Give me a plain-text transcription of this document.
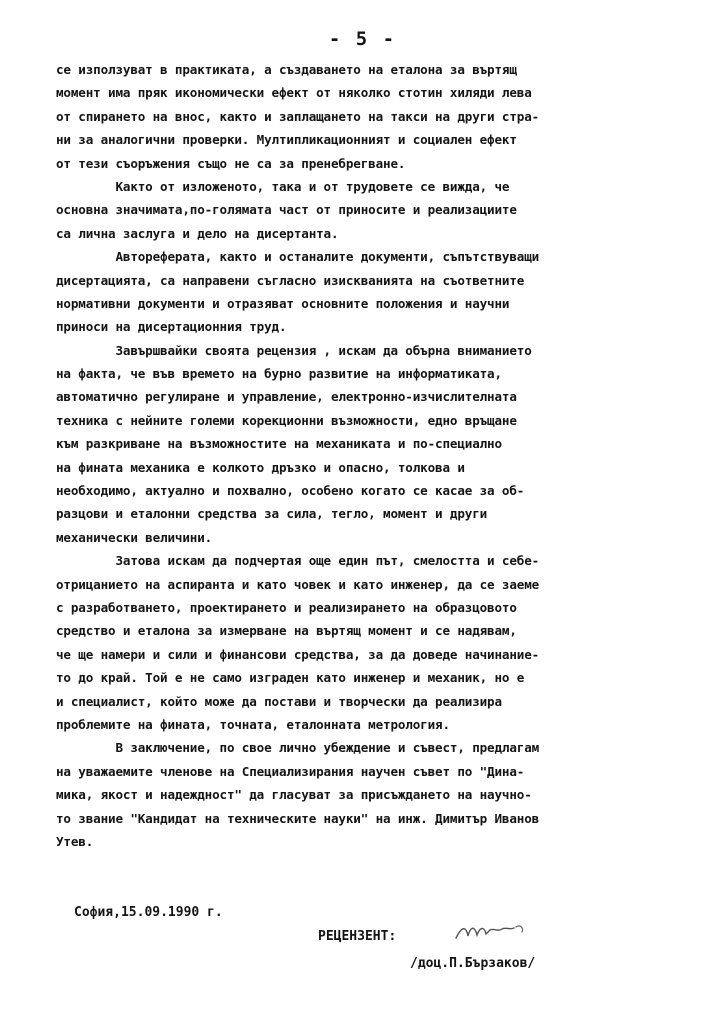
- 5 -
се използуват в практиката, а създаването на еталона за въртящ
момент има пряк икономически ефект от няколко стотин хиляди лева
от спирането на внос, както и заплащането на такси на други стра-
ни за аналогични проверки. Мултипликационният и социален ефект
от тези съоръжения също не са за пренебрегване.
Както от изложеното, така и от трудовете се вижда, че
основна значимата,по-голямата част от приносите и реализациите
са лична заслуга и дело на дисертанта.
Автореферата, както и останалите документи, съпътствуващи
дисертацията, са направени съгласно изискванията на съответните
нормативни документи и отразяват основните положения и научни
приноси на дисертационния труд.
Завършвайки своята рецензия , искам да обърна вниманието
на факта, че във времето на бурно развитие на информатиката,
автоматично регулиране и управление, електронно-изчислителната
техника с нейните големи корекционни възможности, едно връщане
към разкриване на възможностите на механиката и по-специално
на фината механика е колкото дръзко и опасно, толкова и
необходимо, актуално и похвално, особено когато се касае за об-
разцови и еталонни средства за сила, тегло, момент и други
механически величини.
Затова искам да подчертая още един път, смелостта и себе-
отрицанието на аспиранта и като човек и като инженер, да се заеме
с разработването, проектирането и реализирането на образцовото
средство и еталона за измерване на въртящ момент и се надявам,
че ще намери и сили и финансови средства, за да доведе начинание-
то до край. Той е не само изграден като инженер и механик, но е
и специалист, който може да постави и творчески да реализира
проблемите на фината, точната, еталонната метрология.
В заключение, по свое лично убеждение и съвест, предлагам
на уважаемите членове на Специализирания научен съвет по "Дина-
мика, якост и надеждност" да гласуват за присъждането на научно-
то звание "Кандидат на техническите науки" на инж. Димитър Иванов
Утев.
София,15.09.1990 г.
РЕЦЕНЗЕНТ:
/доц.П.Бързаков/
